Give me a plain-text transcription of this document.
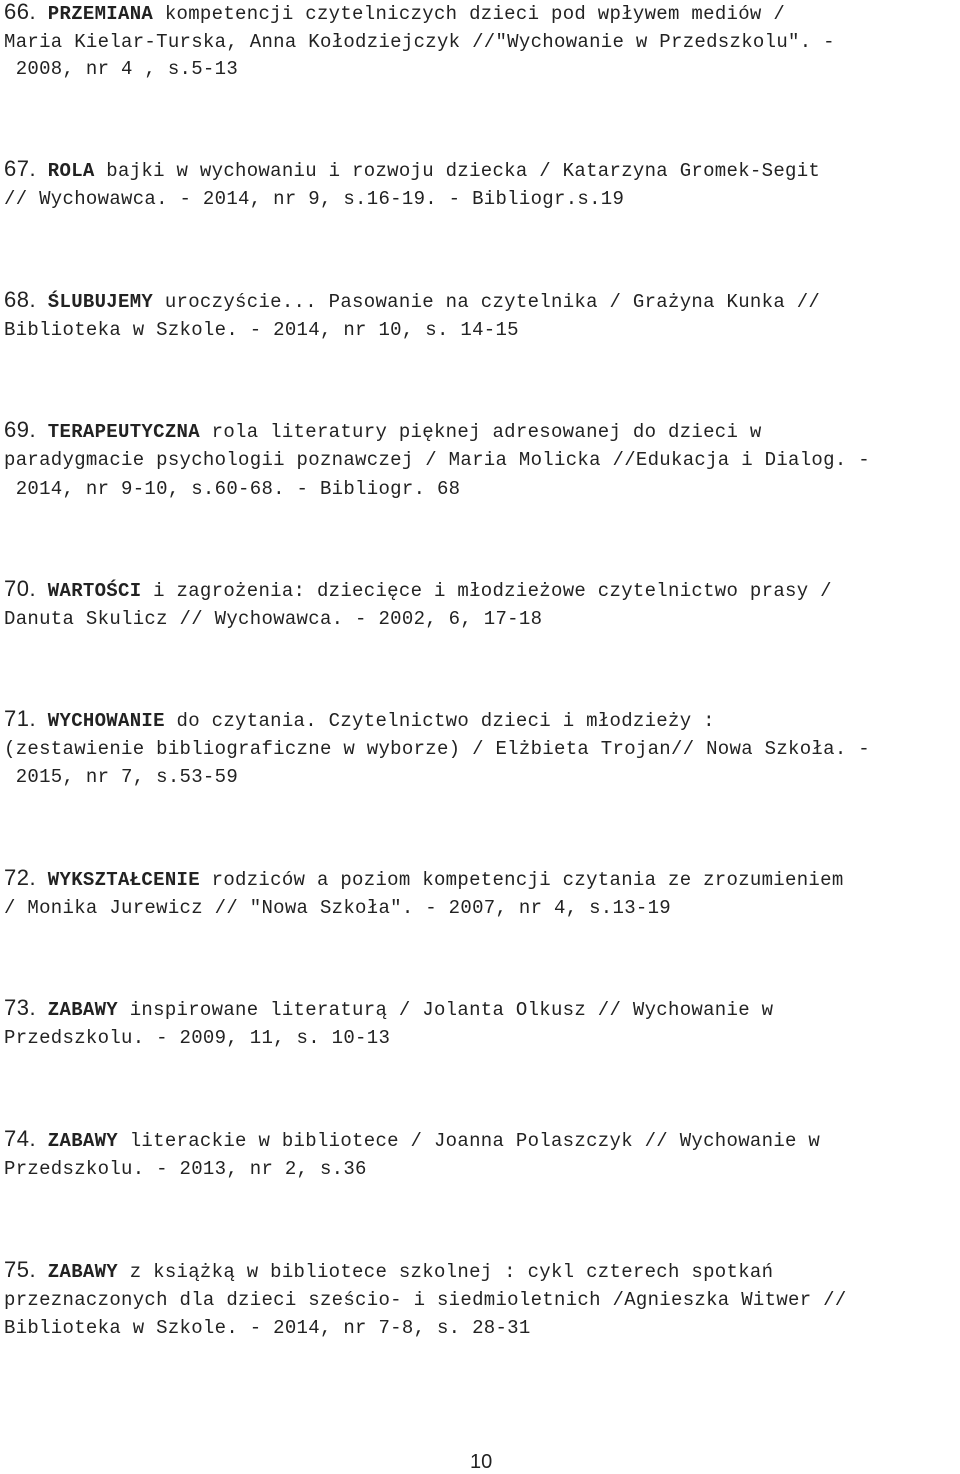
66. PRZEMIANA kompetencji czytelniczych dzieci pod wpływem mediów /
Maria Kielar-Turska, Anna Kołodziejczyk //"Wychowanie w Przedszkolu". -
2008, nr 4 , s.5-13
67. ROLA bajki w wychowaniu i rozwoju dziecka / Katarzyna Gromek-Segit
// Wychowawca. - 2014, nr 9, s.16-19. - Bibliogr.s.19
68. ŚLUBUJEMY uroczyście... Pasowanie na czytelnika / Grażyna Kunka //
Biblioteka w Szkole. - 2014, nr 10, s. 14-15
69. TERAPEUTYCZNA rola literatury pięknej adresowanej do dzieci w
paradygmacie psychologii poznawczej / Maria Molicka //Edukacja i Dialog. -
2014, nr 9-10, s.60-68. - Bibliogr. 68
70. WARTOŚCI i zagrożenia: dziecięce i młodzieżowe czytelnictwo prasy /
Danuta Skulicz // Wychowawca. - 2002, 6, 17-18
71. WYCHOWANIE do czytania. Czytelnictwo dzieci i młodzieży :
(zestawienie bibliograficzne w wyborze) / Elżbieta Trojan// Nowa Szkoła. -
2015, nr 7, s.53-59
72. WYKSZTAŁCENIE rodziców a poziom kompetencji czytania ze zrozumieniem
/ Monika Jurewicz // "Nowa Szkoła". - 2007, nr 4, s.13-19
73. ZABAWY inspirowane literaturą / Jolanta Olkusz // Wychowanie w
Przedszkolu. - 2009, 11, s. 10-13
74. ZABAWY literackie w bibliotece / Joanna Polaszczyk // Wychowanie w
Przedszkolu. - 2013, nr 2, s.36
75. ZABAWY z książką w bibliotece szkolnej : cykl czterech spotkań
przeznaczonych dla dzieci sześcio- i siedmioletnich /Agnieszka Witwer //
Biblioteka w Szkole. - 2014, nr 7-8, s. 28-31
10
